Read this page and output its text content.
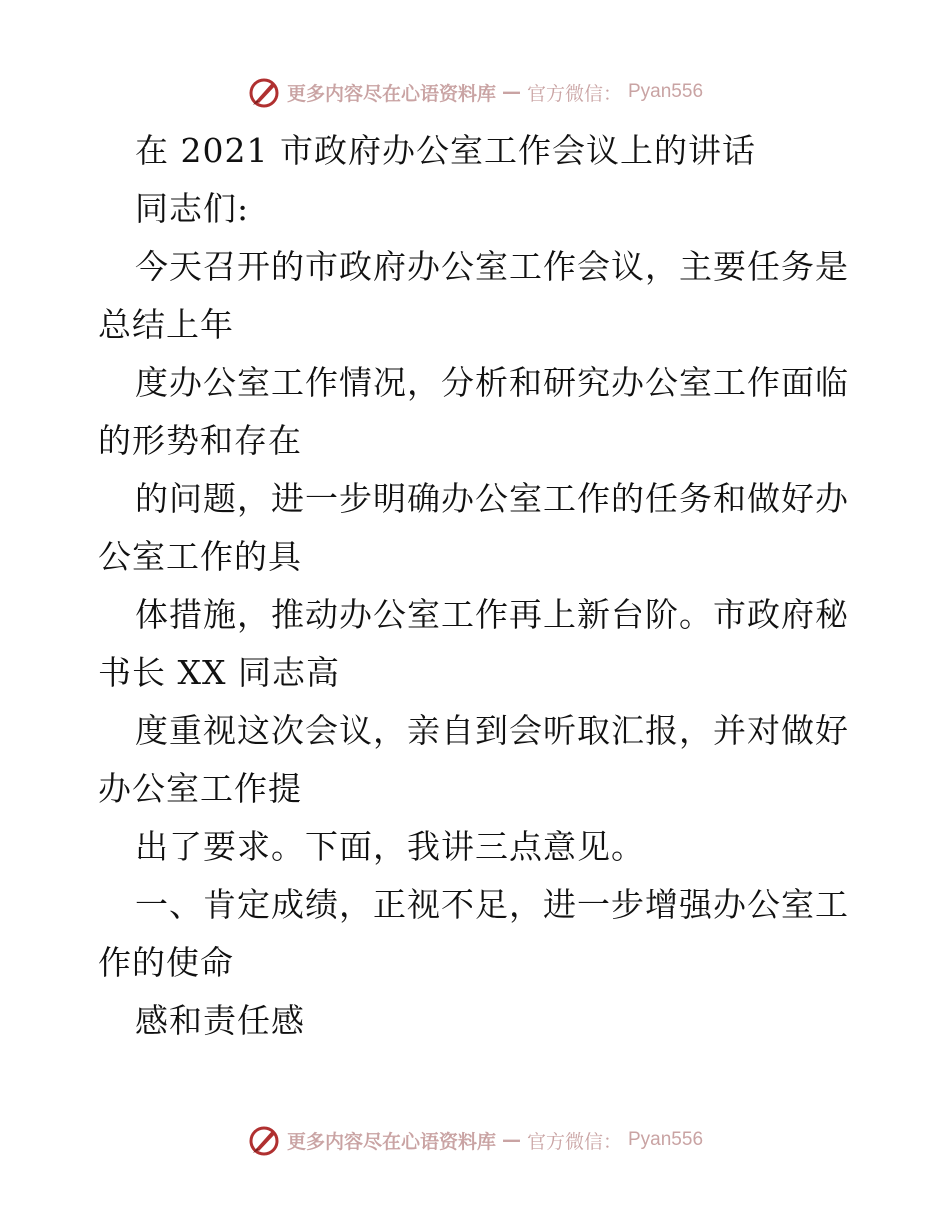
更多内容尽在心语资料库 — 官方微信： Pyan556
在 2021 市政府办公室工作会议上的讲话
同志们:
今天召开的市政府办公室工作会议，主要任务是
总结上年
度办公室工作情况，分析和研究办公室工作面临
的形势和存在
的问题，进一步明确办公室工作的任务和做好办
公室工作的具
体措施，推动办公室工作再上新台阶。市政府秘
书长 XX 同志高
度重视这次会议，亲自到会听取汇报，并对做好
办公室工作提
出了要求。下面，我讲三点意见。
一、肯定成绩，正视不足，进一步增强办公室工
作的使命
感和责任感
更多内容尽在心语资料库 — 官方微信： Pyan556
